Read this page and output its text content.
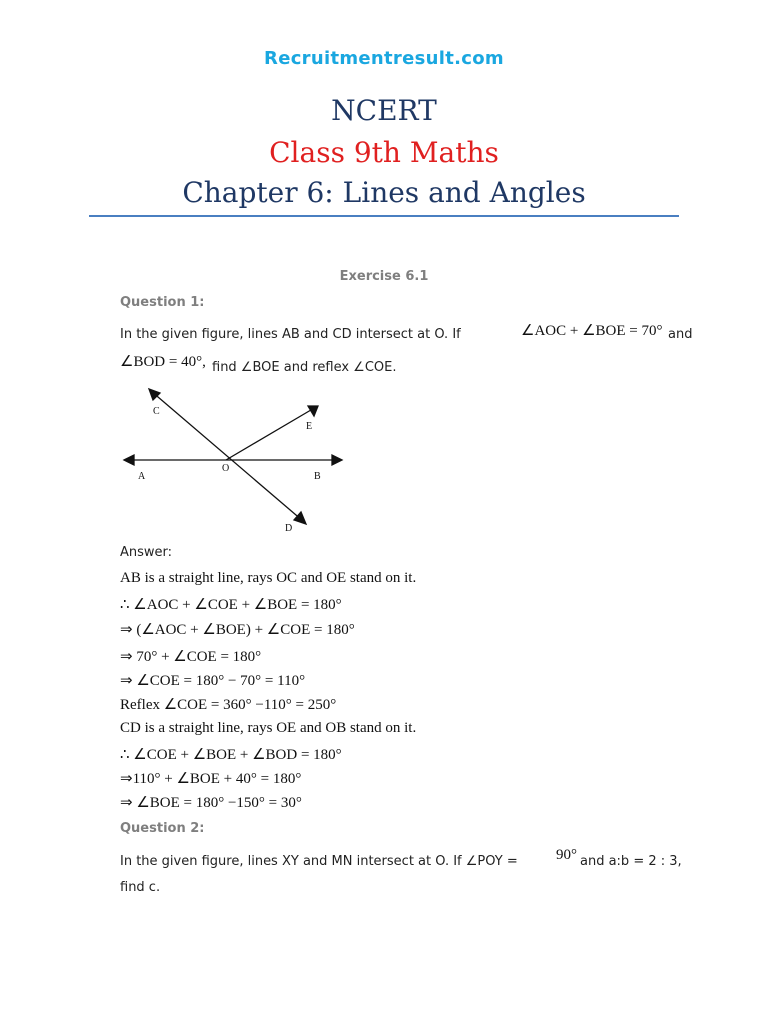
Recruitmentresult.com
NCERT
Class 9th Maths
Chapter 6: Lines and Angles
Exercise 6.1
Question 1:
In the given figure, lines AB and CD intersect at O. If	∠AOC + ∠BOE = 70° and
∠BOD = 40°, find ∠BOE and reflex ∠COE.
C
E
A
O
B
D
Answer:
AB is a straight line, rays OC and OE stand on it.
∴ ∠AOC + ∠COE + ∠BOE = 180°
⇒ (∠AOC + ∠BOE) + ∠COE = 180°
⇒ 70° + ∠COE = 180°
⇒ ∠COE = 180° − 70° = 110°
Reflex ∠COE = 360° −110° = 250°
CD is a straight line, rays OE and OB stand on it.
∴ ∠COE + ∠BOE + ∠BOD = 180°
⇒110° + ∠BOE + 40° = 180°
⇒ ∠BOE = 180° −150° = 30°
Question 2:
In the given figure, lines XY and MN intersect at O. If ∠POY =	90° and a:b = 2 : 3,
find c.
